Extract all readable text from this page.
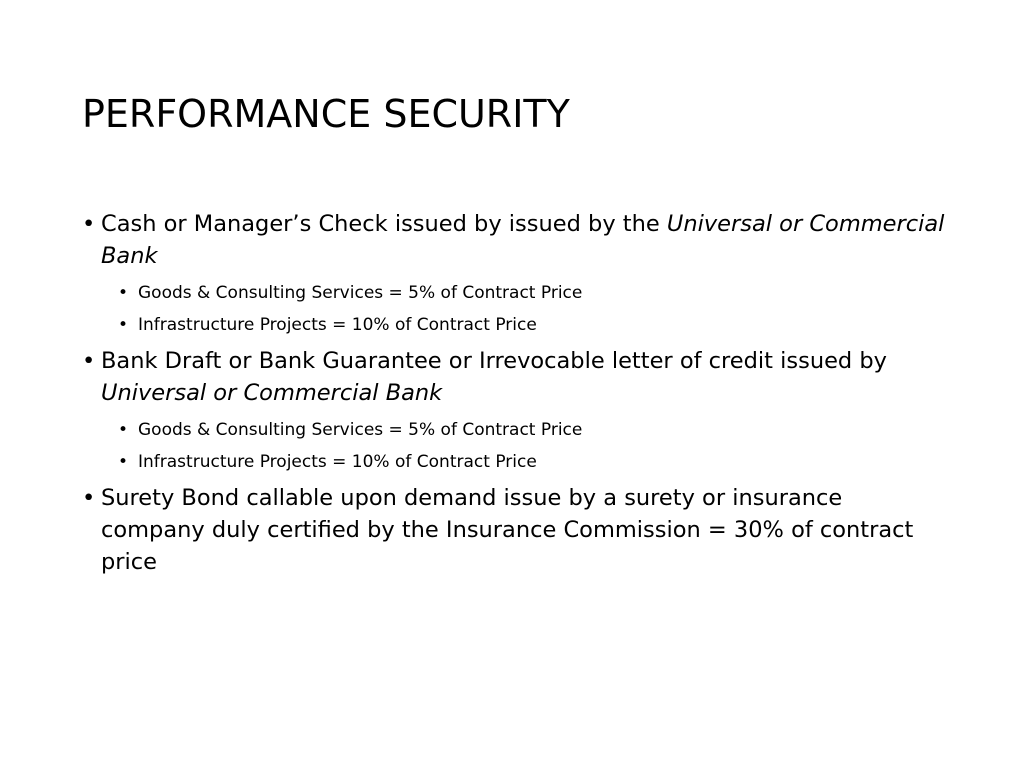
PERFORMANCE SECURITY
• Cash or Manager’s Check issued by issued by the Universal or Commercial Bank
• Goods & Consulting Services = 5% of Contract Price
• Infrastructure Projects = 10% of Contract Price
• Bank Draft or Bank Guarantee or Irrevocable letter of credit issued by Universal or Commercial Bank
• Goods & Consulting Services = 5% of Contract Price
• Infrastructure Projects = 10% of Contract Price
• Surety Bond callable upon demand issue by a surety or insurance company duly certified by the Insurance Commission = 30% of contract price
